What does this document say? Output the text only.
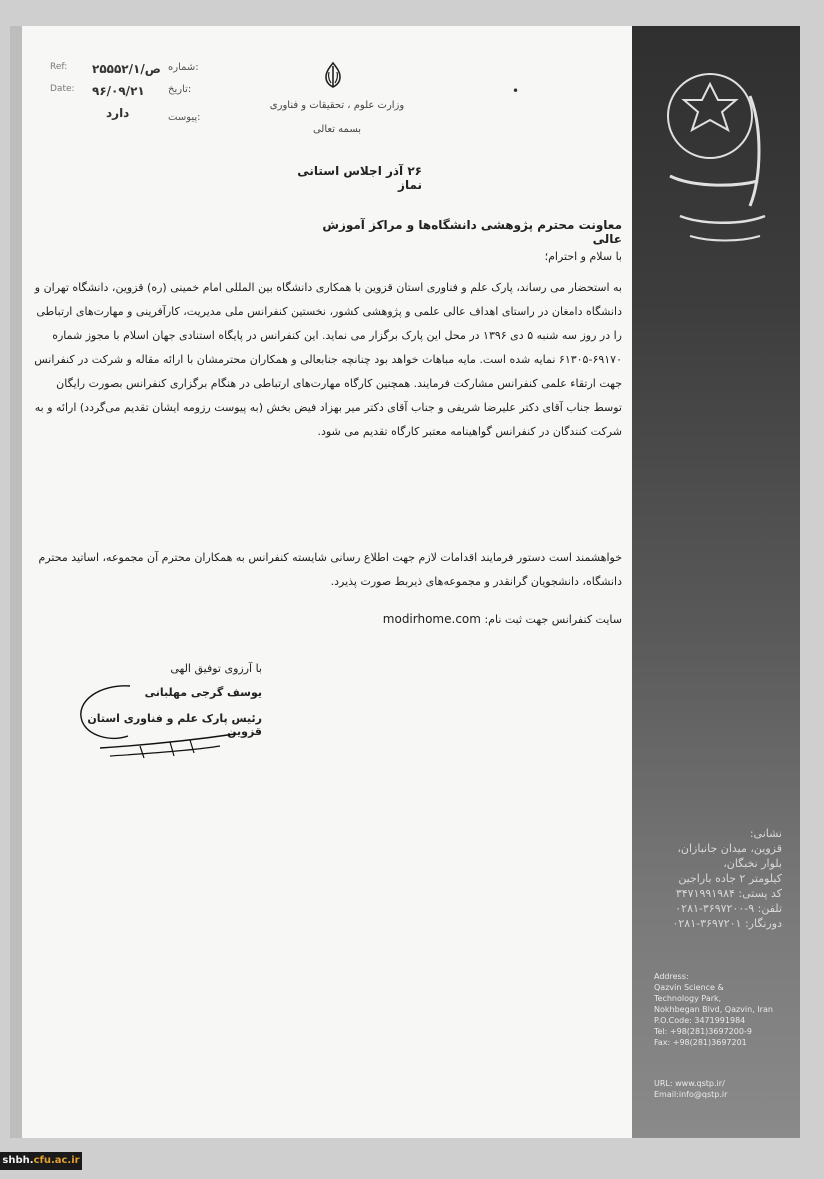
Ref: ۲۵۵۵۲/ص/۱ شماره:
Date: ۹۶/۰۹/۲۱ تاریخ:
دارد	پیوست:
وزارت علوم ، تحقیقات و فناوری
بسمه تعالی
•
۲۶ آذر اجلاس استانی نماز
معاونت محترم پژوهشی دانشگاه‌ها و مراکز آموزش عالی
با سلام و احترام؛
به استحضار می رساند، پارک علم و فناوری استان قزوین با همکاری دانشگاه بین المللی امام خمینی (ره) قزوین، دانشگاه تهران و دانشگاه دامغان در راستای اهداف عالی علمی و پژوهشی کشور، نخستین کنفرانس ملی مدیریت، کارآفرینی و مهارت‌های ارتباطی را در روز سه شنبه ۵ دی ۱۳۹۶ در محل این پارک برگزار می نماید. این کنفرانس در پایگاه استنادی جهان اسلام با مجوز شماره ۶۹۱۷۰-۶۱۳۰۵ نمایه شده است. مایه مباهات خواهد بود چنانچه جنابعالی و همکاران محترمشان با ارائه مقاله و شرکت در کنفرانس جهت ارتقاء علمی کنفرانس مشارکت فرمایند. همچنین کارگاه مهارت‌های ارتباطی در هنگام برگزاری کنفرانس بصورت رایگان توسط جناب آقای دکتر علیرضا شریفی و جناب آقای دکتر میر بهزاد فیض بخش (به پیوست رزومه ایشان تقدیم می‌گردد) ارائه و به شرکت کنندگان در کنفرانس گواهینامه معتبر کارگاه تقدیم می شود.
خواهشمند است دستور فرمایند اقدامات لازم جهت اطلاع رسانی شایسته کنفرانس به همکاران محترم آن مجموعه، اساتید محترم دانشگاه، دانشجویان گرانقدر و مجموعه‌های ذیربط صورت پذیرد.
سایت کنفرانس جهت ثبت نام: modirhome.com
با آرزوی توفیق الهی
یوسف گرجی مهلبانی
رئیس پارک علم و فناوری استان قزوین
نشانی:
قزوین، میدان جانبازان،
بلوار نخبگان،
کیلومتر ۲ جاده باراجین
کد پستی: ۳۴۷۱۹۹۱۹۸۴
تلفن: ۹-۳۶۹۷۲۰۰-۰۲۸۱
دورنگار: ۳۶۹۷۲۰۱-۰۲۸۱
Address:
Qazvin Science &
Technology Park,
Nokhbegan Blvd, Qazvin, Iran
P.O.Code: 3471991984
Tel: +98(281)3697200-9
Fax: +98(281)3697201
URL: www.qstp.ir/
Email:info@qstp.ir
shbh.cfu.ac.ir
